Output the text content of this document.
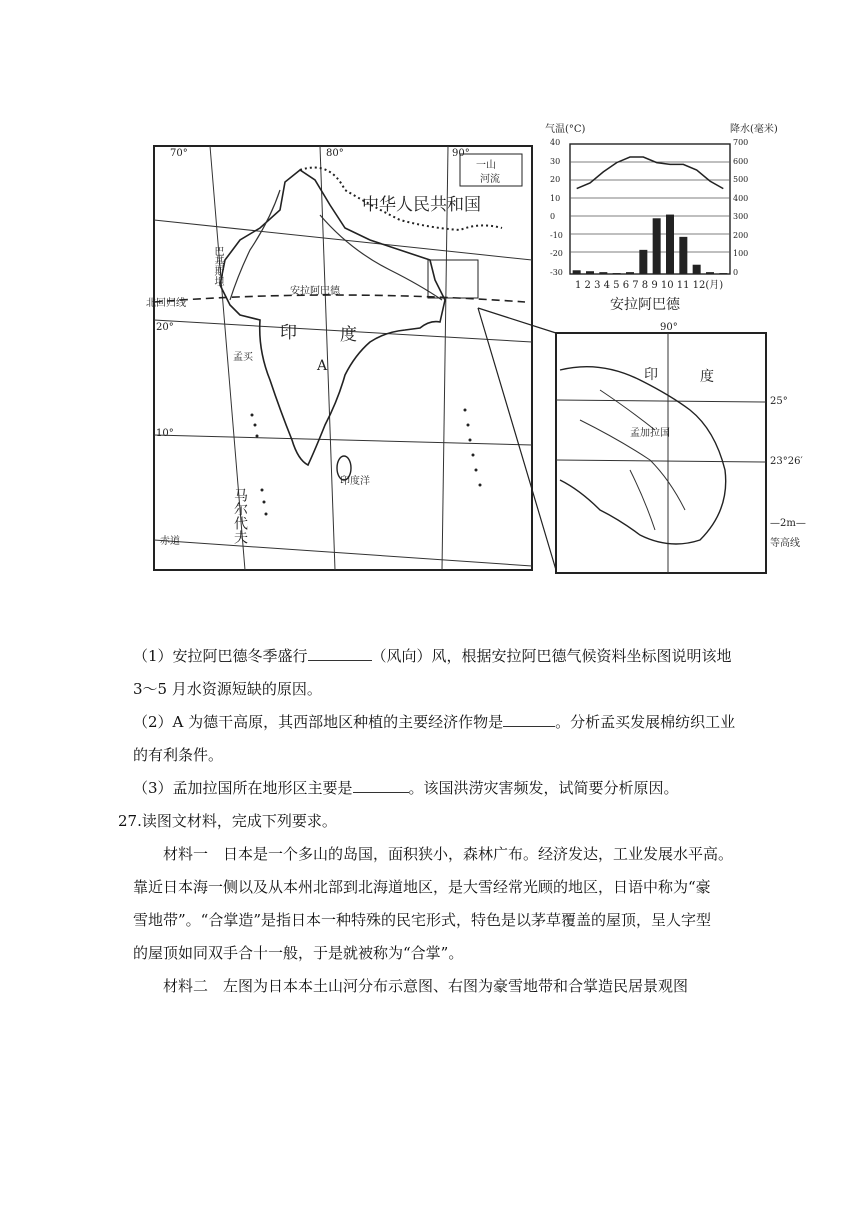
中华人民共和国
印	度
安拉阿巴德
孟买
巴基斯坦
北回归线
A
印度洋
马尔代夫
赤道
20°
10°
70°	80°	90°
一山
河流
印	度
孟加拉国
25°
23°26′
90°
—2m—
等高线
气温(°C)	降水(毫米)
1 2 3 4 5 6 7 8 9 10 11 12(月)
安拉阿巴德
40
30
20
10
0
-10
-20
-30
700
600
500
400
300
200
100
0
（1）安拉阿巴德冬季盛行	（风向）风，根据安拉阿巴德气候资料坐标图说明该地
3～5 月水资源短缺的原因。
（2）A 为德干高原，其西部地区种植的主要经济作物是	。分析孟买发展棉纺织工业
的有利条件。
（3）孟加拉国所在地形区主要是	。该国洪涝灾害频发，试简要分析原因。
27.读图文材料，完成下列要求。
材料一　日本是一个多山的岛国，面积狭小，森林广布。经济发达，工业发展水平高。
靠近日本海一侧以及从本州北部到北海道地区，是大雪经常光顾的地区，日语中称为“豪
雪地带”。“合掌造”是指日本一种特殊的民宅形式，特色是以茅草覆盖的屋顶，呈人字型
的屋顶如同双手合十一般，于是就被称为“合掌”。
材料二　左图为日本本土山河分布示意图、右图为豪雪地带和合掌造民居景观图
